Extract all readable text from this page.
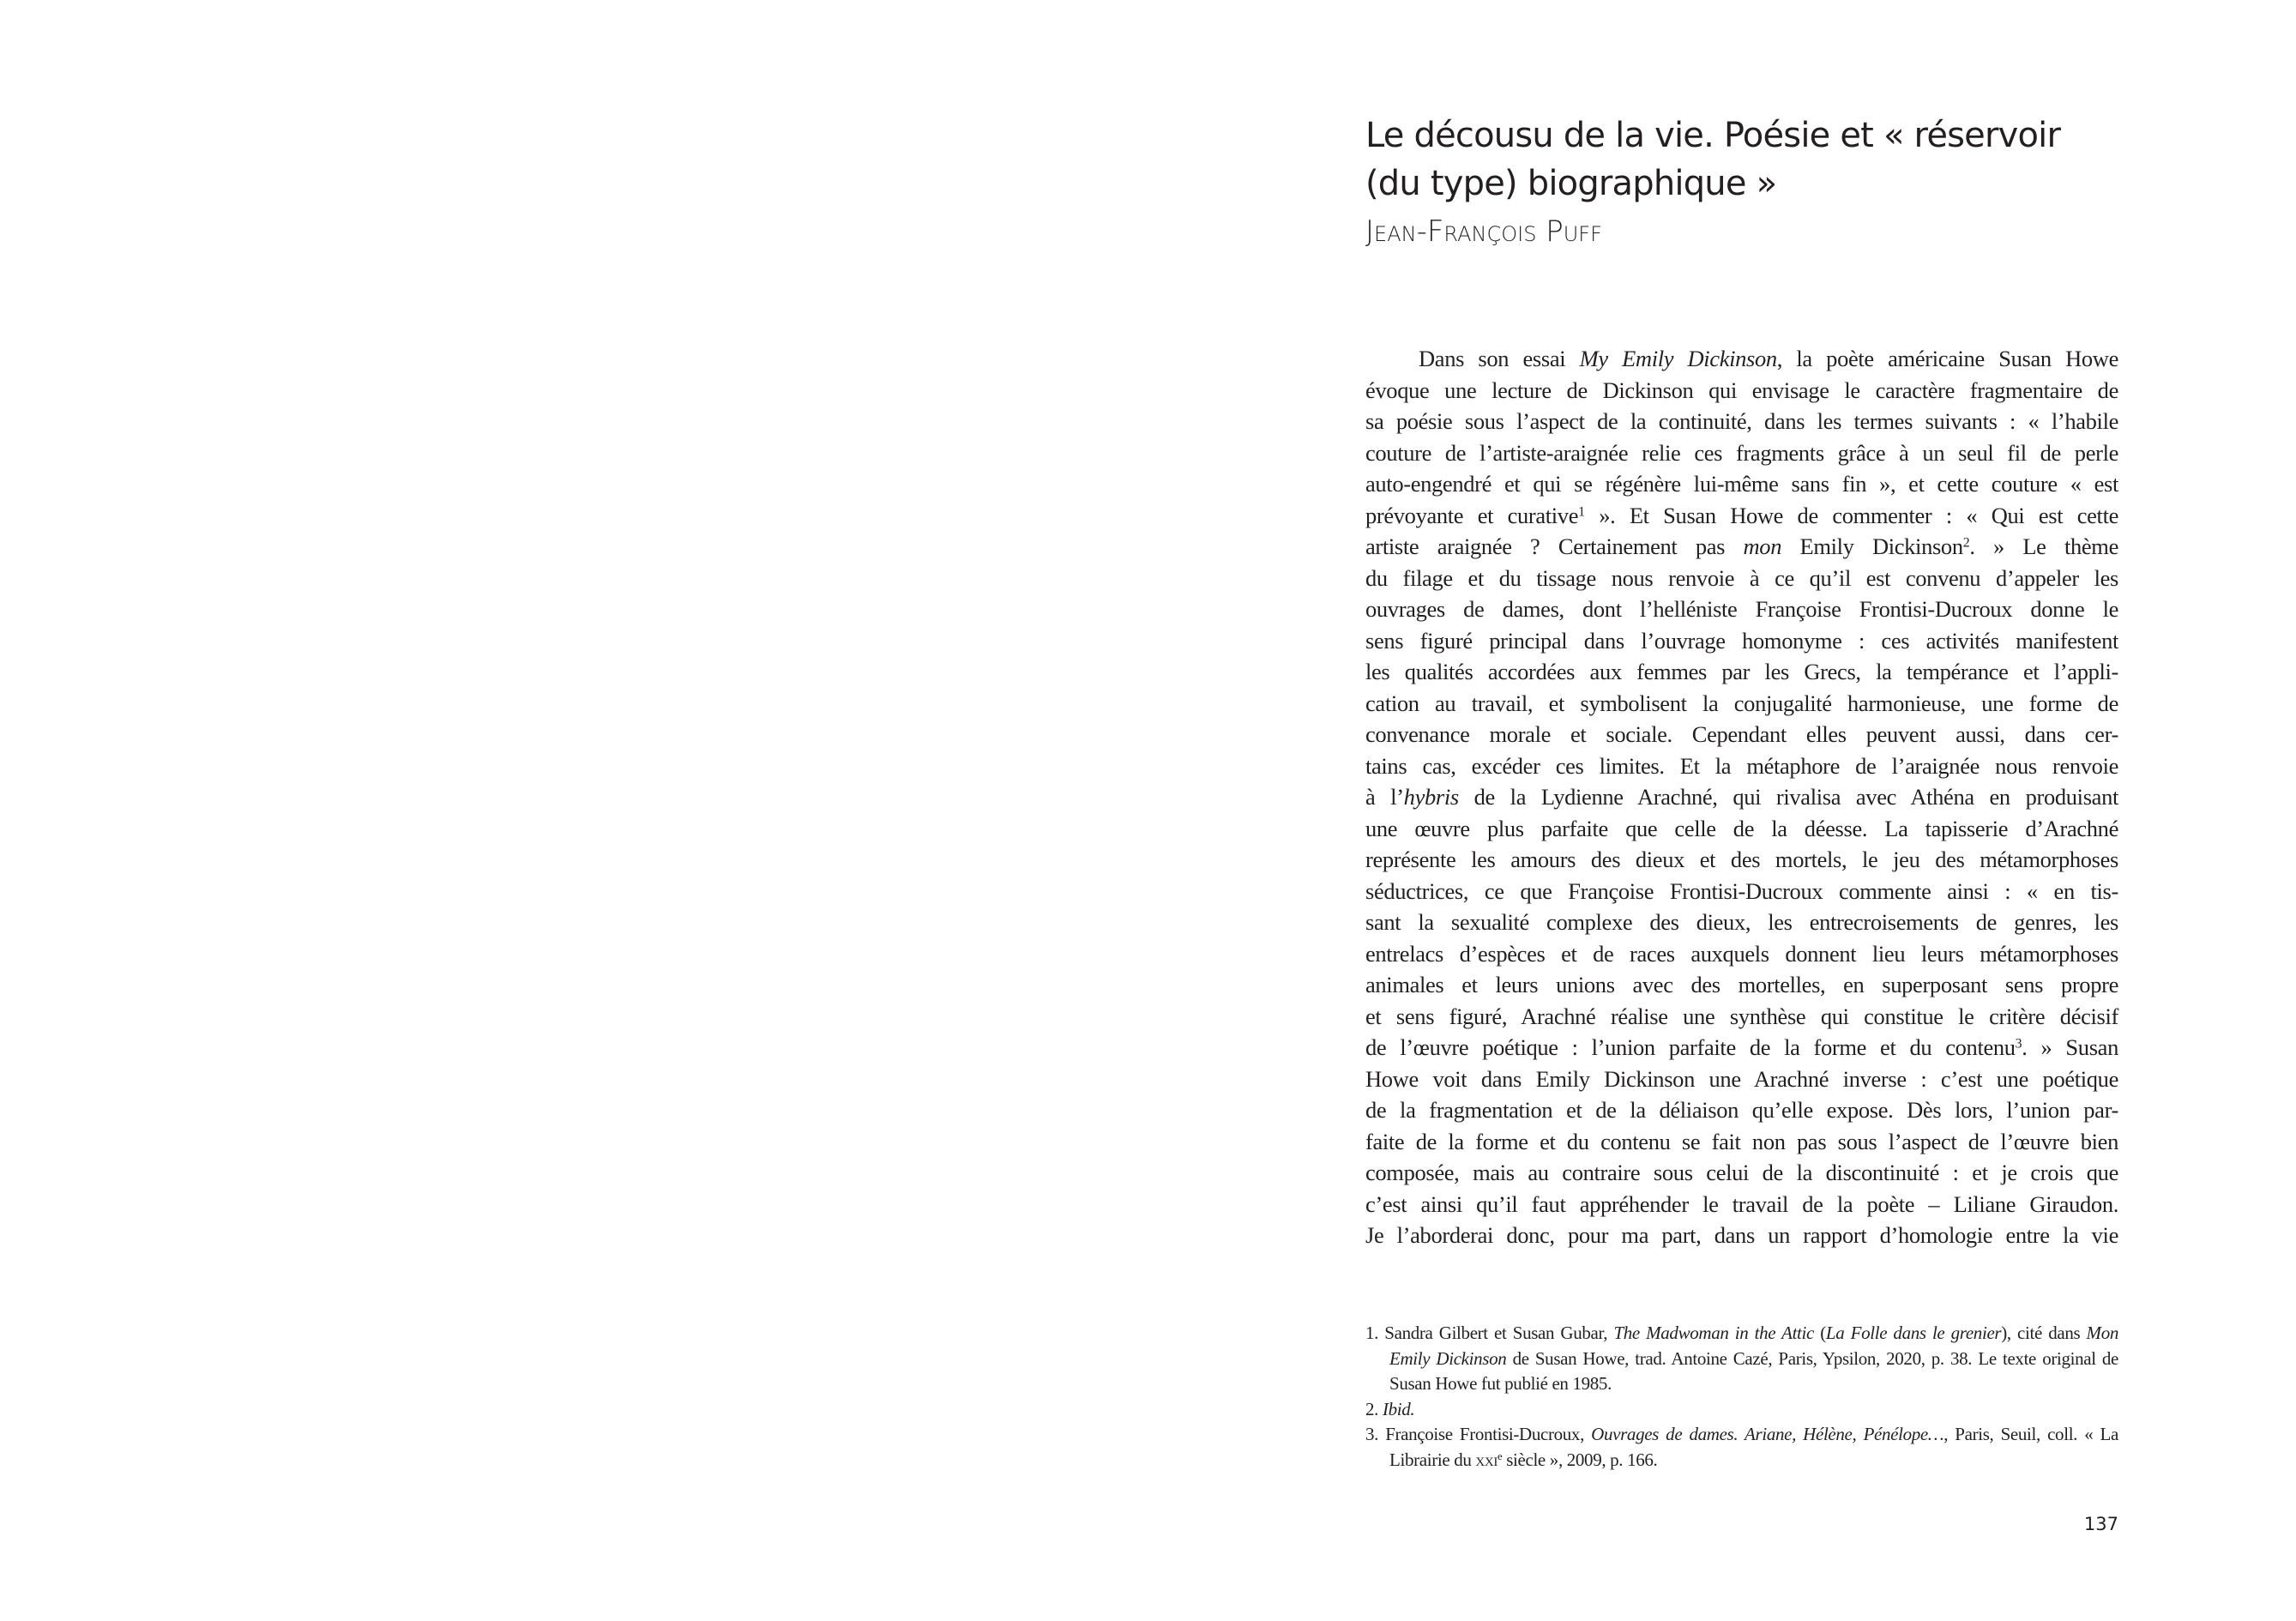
Le décousu de la vie. Poésie et « réservoir
(du type) biographique »
Jean-François Puff
Dans son essai My Emily Dickinson, la poète américaine Susan Howe
évoque une lecture de Dickinson qui envisage le caractère fragmentaire de
sa poésie sous l’aspect de la continuité, dans les termes suivants : « l’habile
couture de l’artiste-araignée relie ces fragments grâce à un seul fil de perle
auto-engendré et qui se régénère lui-même sans fin », et cette couture « est
prévoyante et curative$^1$ ». Et Susan Howe de commenter : « Qui est cette
artiste araignée ? Certainement pas mon Emily Dickinson$^2$. » Le thème
du filage et du tissage nous renvoie à ce qu’il est convenu d’appeler les
ouvrages de dames, dont l’helléniste Françoise Frontisi-Ducroux donne le
sens figuré principal dans l’ouvrage homonyme : ces activités manifestent
les qualités accordées aux femmes par les Grecs, la tempérance et l’appli-
cation au travail, et symbolisent la conjugalité harmonieuse, une forme de
convenance morale et sociale. Cependant elles peuvent aussi, dans cer-
tains cas, excéder ces limites. Et la métaphore de l’araignée nous renvoie
à l’hybris de la Lydienne Arachné, qui rivalisa avec Athéna en produisant
une œuvre plus parfaite que celle de la déesse. La tapisserie d’Arachné
représente les amours des dieux et des mortels, le jeu des métamorphoses
séductrices, ce que Françoise Frontisi-Ducroux commente ainsi : « en tis-
sant la sexualité complexe des dieux, les entrecroisements de genres, les
entrelacs d’espèces et de races auxquels donnent lieu leurs métamorphoses
animales et leurs unions avec des mortelles, en superposant sens propre
et sens figuré, Arachné réalise une synthèse qui constitue le critère décisif
de l’œuvre poétique : l’union parfaite de la forme et du contenu$^3$. » Susan
Howe voit dans Emily Dickinson une Arachné inverse : c’est une poétique
de la fragmentation et de la déliaison qu’elle expose. Dès lors, l’union par-
faite de la forme et du contenu se fait non pas sous l’aspect de l’œuvre bien
composée, mais au contraire sous celui de la discontinuité : et je crois que
c’est ainsi qu’il faut appréhender le travail de la poète – Liliane Giraudon.
Je l’aborderai donc, pour ma part, dans un rapport d’homologie entre la vie
1. Sandra Gilbert et Susan Gubar, The Madwoman in the Attic (La Folle dans le grenier), cité dans Mon Emily Dickinson de Susan Howe, trad. Antoine Cazé, Paris, Ypsilon, 2020, p. 38. Le texte original de Susan Howe fut publié en 1985.
2. Ibid.
3. Françoise Frontisi-Ducroux, Ouvrages de dames. Ariane, Hélène, Pénélope…, Paris, Seuil, coll. « La Librairie du xxi$^e$ siècle », 2009, p. 166.
137
